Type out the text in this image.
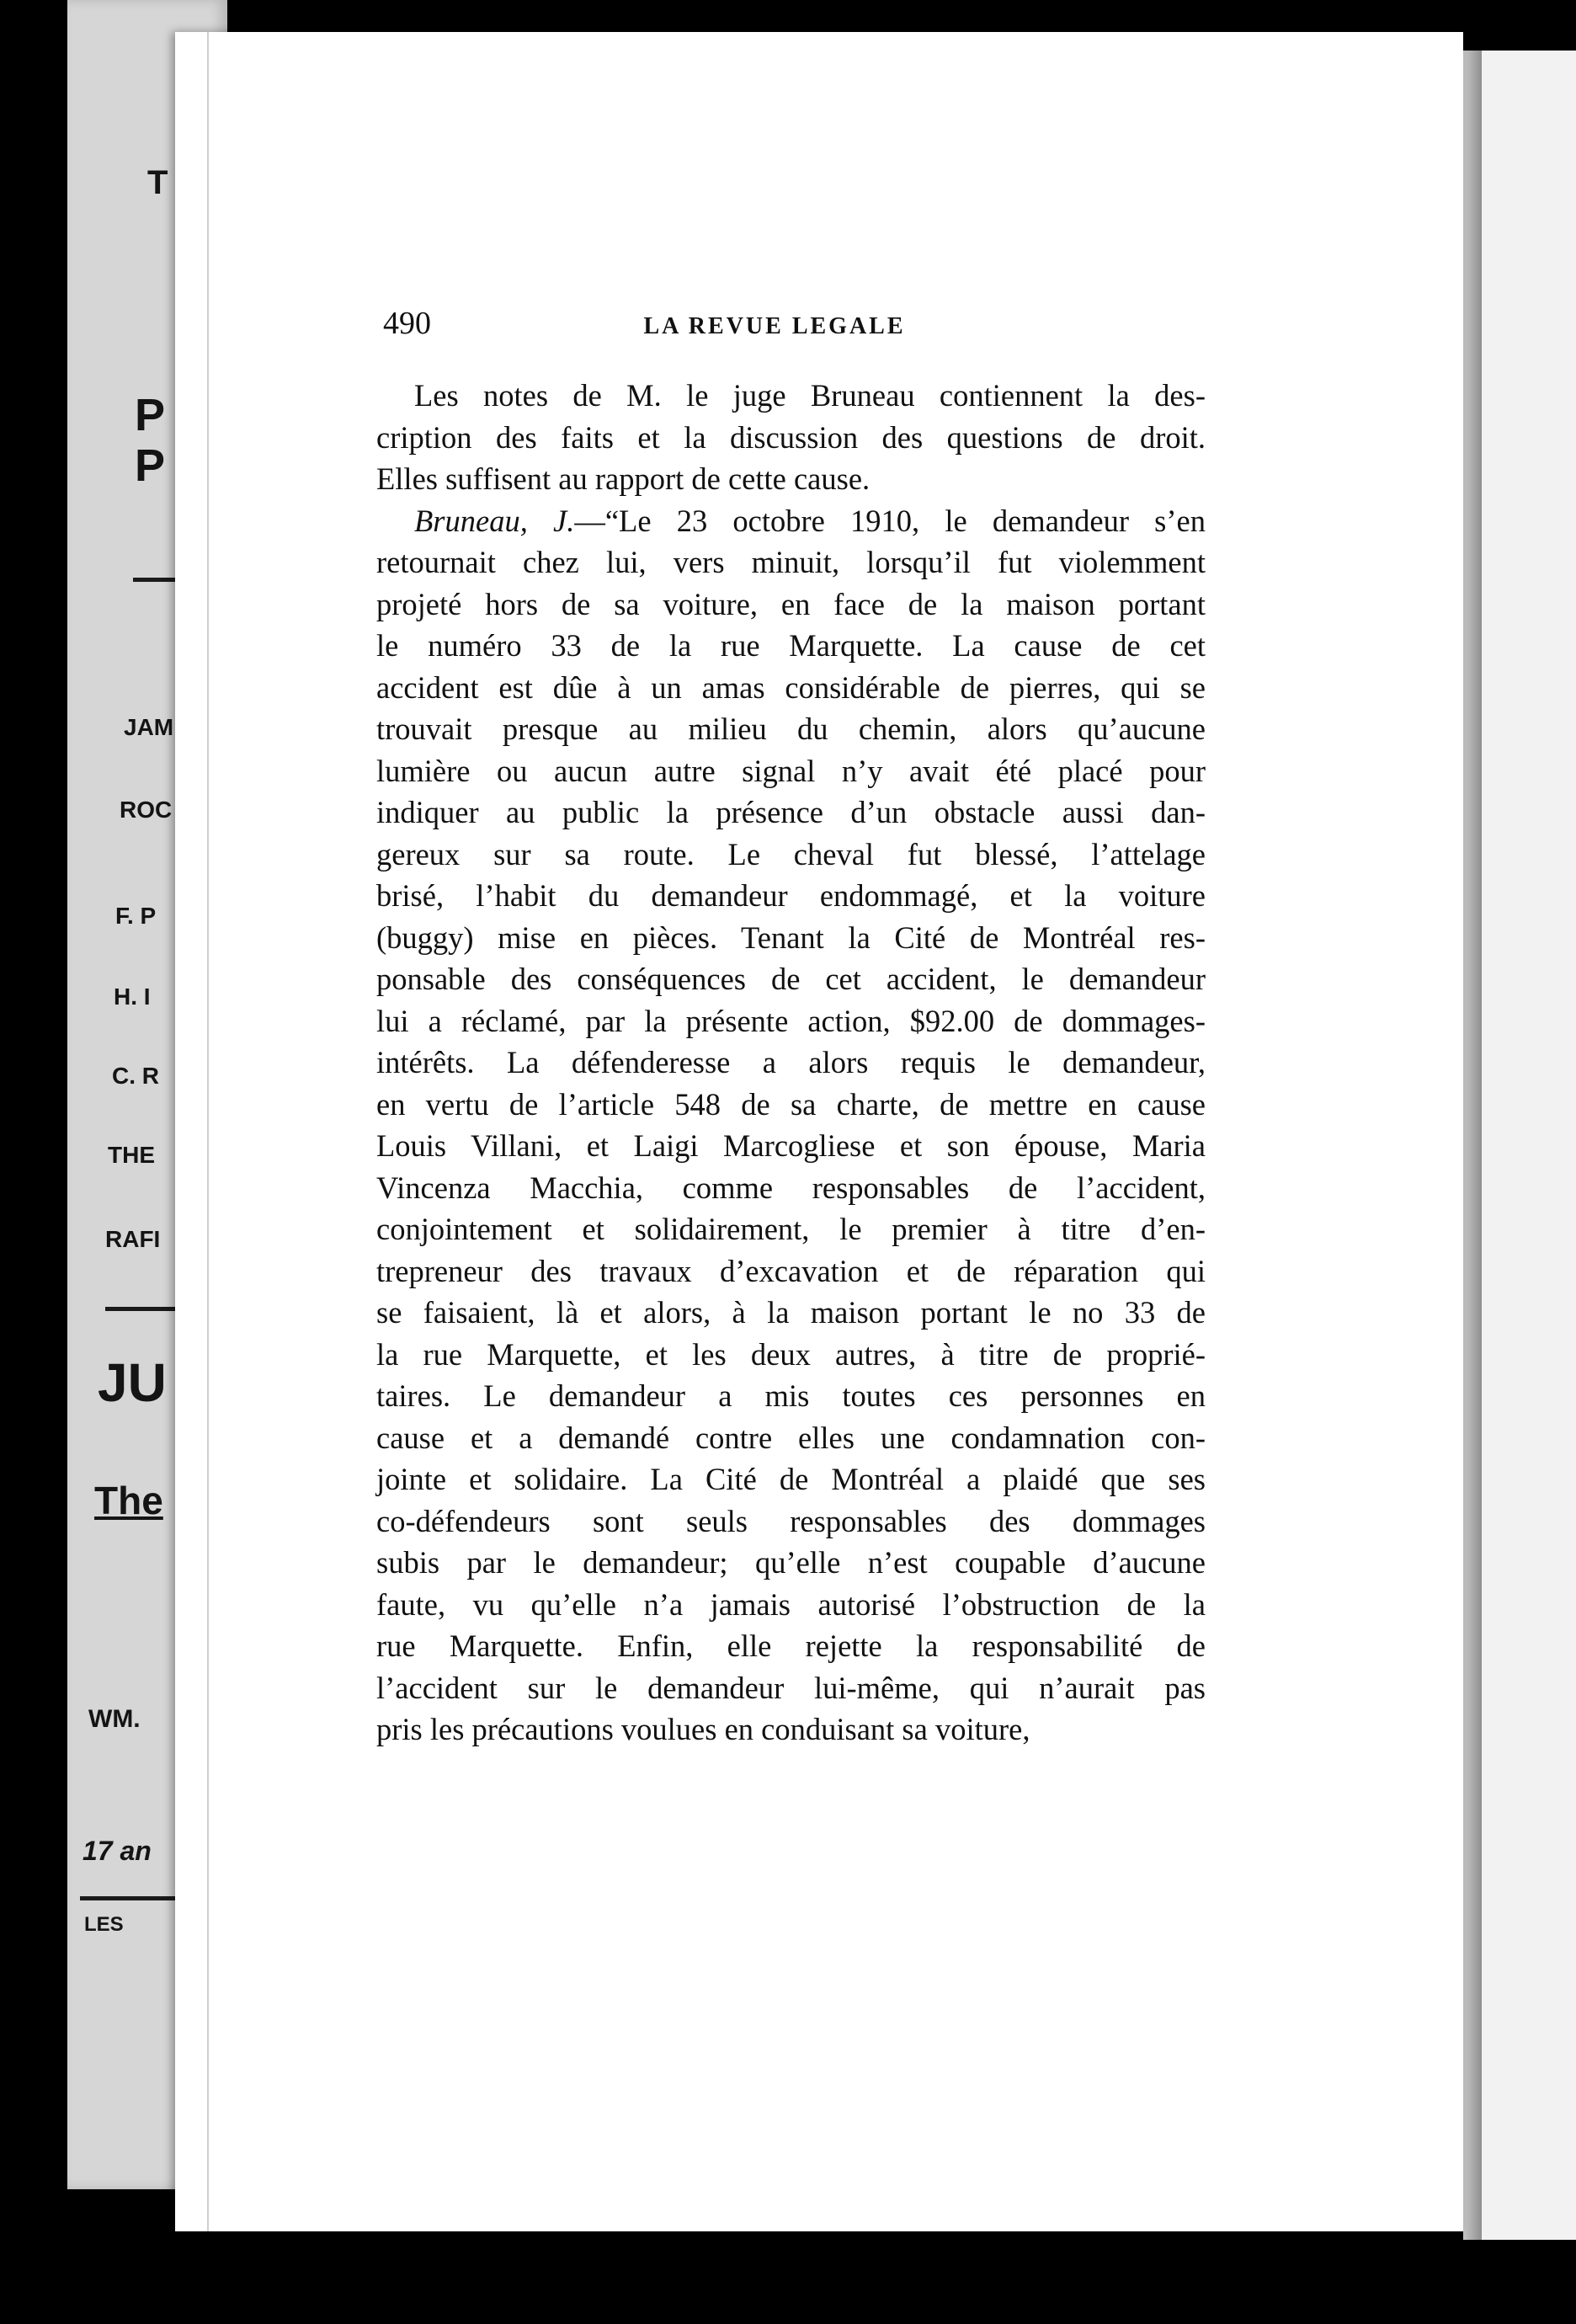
T
P
P
JAM
ROC
F. P
H. I
C. R
THE
RAFI
JU
The
WM.
17 an
LES
490	LA REVUE LEGALE

Les notes de M. le juge Bruneau contiennent la des-
cription des faits et la discussion des questions de droit.
Elles suffisent au rapport de cette cause.

Bruneau, J.—“Le 23 octobre 1910, le demandeur s’en
retournait chez lui, vers minuit, lorsqu’il fut violemment
projeté hors de sa voiture, en face de la maison portant
le numéro 33 de la rue Marquette. La cause de cet
accident est dûe à un amas considérable de pierres, qui se
trouvait presque au milieu du chemin, alors qu’aucune
lumière ou aucun autre signal n’y avait été placé pour
indiquer au public la présence d’un obstacle aussi dan-
gereux sur sa route. Le cheval fut blessé, l’attelage
brisé, l’habit du demandeur endommagé, et la voiture
(buggy) mise en pièces. Tenant la Cité de Montréal res-
ponsable des conséquences de cet accident, le demandeur
lui a réclamé, par la présente action, $92.00 de dommages-
intérêts. La défenderesse a alors requis le demandeur,
en vertu de l’article 548 de sa charte, de mettre en cause
Louis Villani, et Laigi Marcogliese et son épouse, Maria
Vincenza Macchia, comme responsables de l’accident,
conjointement et solidairement, le premier à titre d’en-
trepreneur des travaux d’excavation et de réparation qui
se faisaient, là et alors, à la maison portant le no 33 de
la rue Marquette, et les deux autres, à titre de proprié-
taires. Le demandeur a mis toutes ces personnes en
cause et a demandé contre elles une condamnation con-
jointe et solidaire. La Cité de Montréal a plaidé que ses
co-défendeurs sont seuls responsables des dommages
subis par le demandeur; qu’elle n’est coupable d’aucune
faute, vu qu’elle n’a jamais autorisé l’obstruction de la
rue Marquette. Enfin, elle rejette la responsabilité de
l’accident sur le demandeur lui-même, qui n’aurait pas
pris les précautions voulues en conduisant sa voiture,
